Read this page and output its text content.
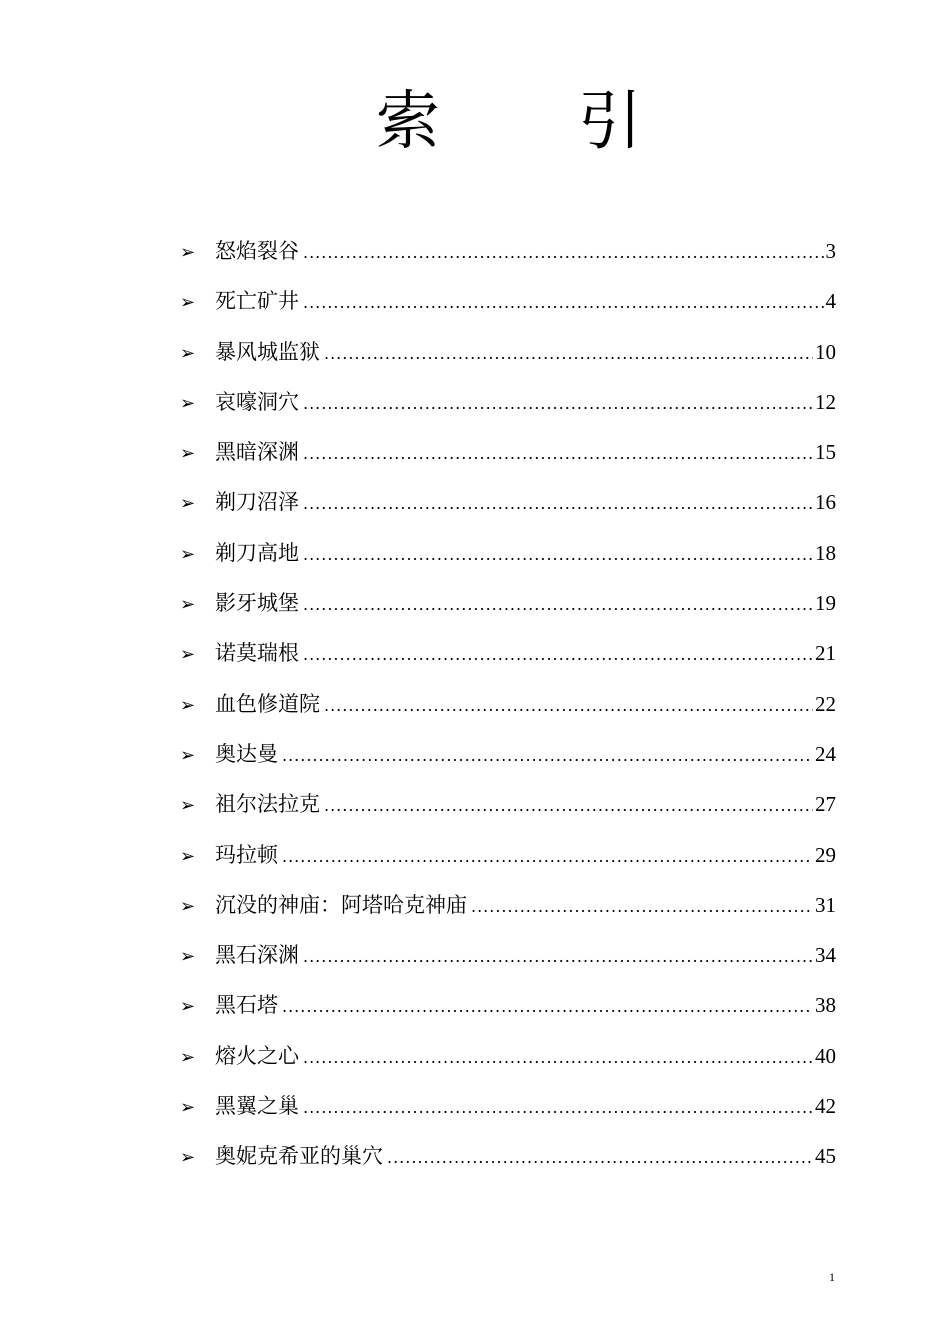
索 引
➢ 怒焰裂谷 .....	3
➢ 死亡矿井 .....	4
➢ 暴风城监狱 .....	10
➢ 哀嚎洞穴 .....	12
➢ 黑暗深渊 .....	15
➢ 剃刀沼泽 .....	16
➢ 剃刀高地 .....	18
➢ 影牙城堡 .....	19
➢ 诺莫瑞根 .....	21
➢ 血色修道院 .....	22
➢ 奥达曼 .....	24
➢ 祖尔法拉克 .....	27
➢ 玛拉顿 .....	29
➢ 沉没的神庙：阿塔哈克神庙 .....	31
➢ 黑石深渊 .....	34
➢ 黑石塔 .....	38
➢ 熔火之心 .....	40
➢ 黑翼之巢 .....	42
➢ 奥妮克希亚的巢穴 .....	45
1
